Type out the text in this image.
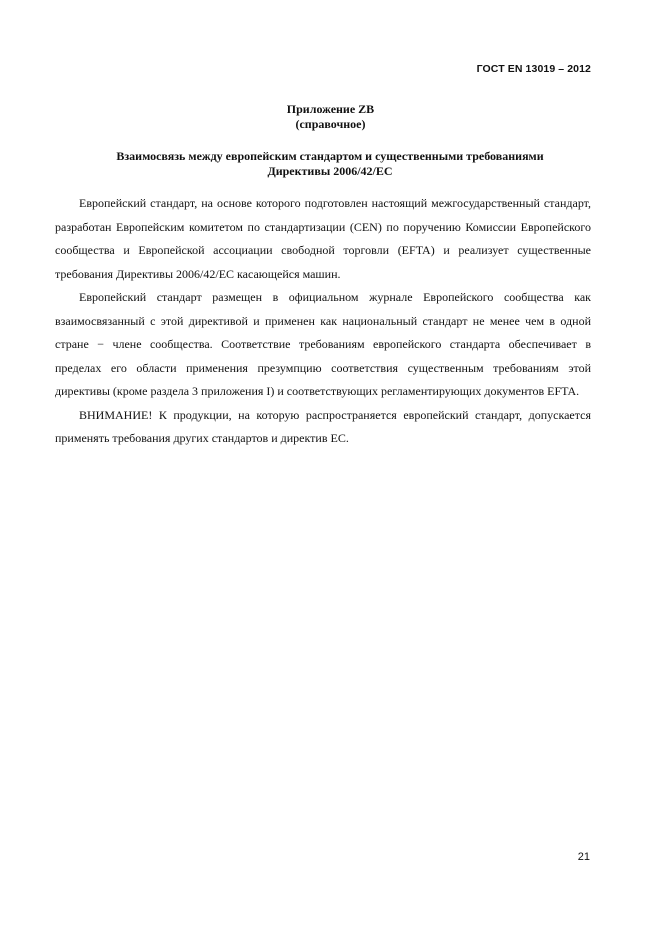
ГОСТ EN 13019 – 2012
Приложение ZB
(справочное)
Взаимосвязь между европейским стандартом и существенными требованиями
Директивы 2006/42/ЕС

Европейский стандарт, на основе которого подготовлен настоящий межгосударственный стандарт, разработан Европейским комитетом по стандартизации (CEN) по поручению Комиссии Европейского сообщества и Европейской ассоциации свободной торговли (EFTA) и реализует существенные требования Директивы 2006/42/ЕС касающейся машин.

Европейский стандарт размещен в официальном журнале Европейского сообщества как взаимосвязанный с этой директивой и применен как национальный стандарт не менее чем в одной стране − члене сообщества. Соответствие требованиям европейского стандарта обеспечивает в пределах его области применения презумпцию соответствия существенным требованиям этой директивы (кроме раздела 3 приложения I) и соответствующих регламентирующих документов EFTA.

ВНИМАНИЕ! К продукции, на которую распространяется европейский стандарт, допускается применять требования других стандартов и директив ЕС.

21
